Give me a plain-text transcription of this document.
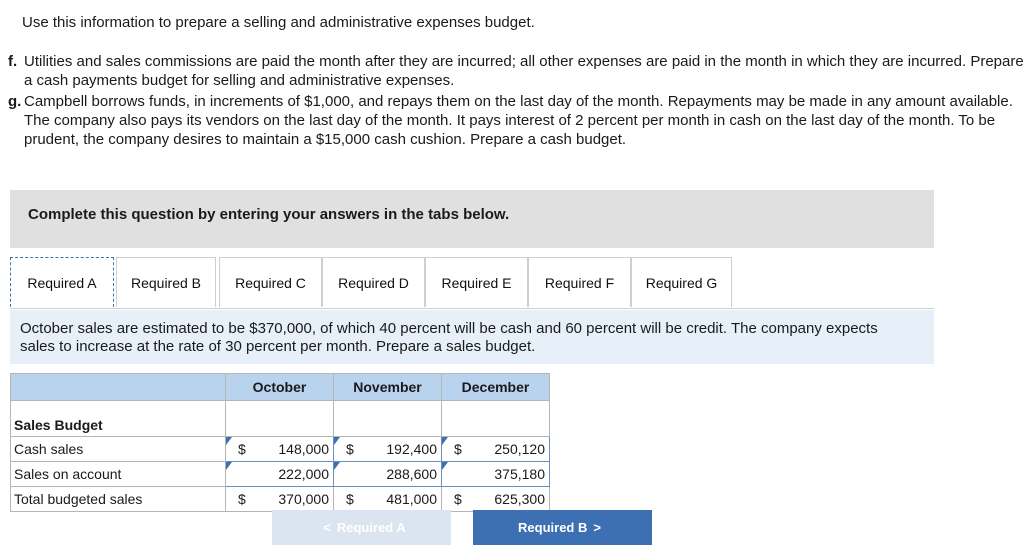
Use this information to prepare a selling and administrative expenses budget.
f. Utilities and sales commissions are paid the month after they are incurred; all other expenses are paid in the month in which they are incurred. Prepare a cash payments budget for selling and administrative expenses.
g. Campbell borrows funds, in increments of $1,000, and repays them on the last day of the month. Repayments may be made in any amount available. The company also pays its vendors on the last day of the month. It pays interest of 2 percent per month in cash on the last day of the month. To be prudent, the company desires to maintain a $15,000 cash cushion. Prepare a cash budget.
Complete this question by entering your answers in the tabs below.
Required A	Required B	Required C	Required D	Required E	Required F	Required G
October sales are estimated to be $370,000, of which 40 percent will be cash and 60 percent will be credit. The company expects sales to increase at the rate of 30 percent per month. Prepare a sales budget.
	October	November	December
Sales Budget			
Cash sales	$ 148,000	$ 192,400	$ 250,120

Sales on account	222,000	288,600	375,180

Total budgeted sales	$ 370,000	$ 481,000	$ 625,300
< Required A	Required B >
